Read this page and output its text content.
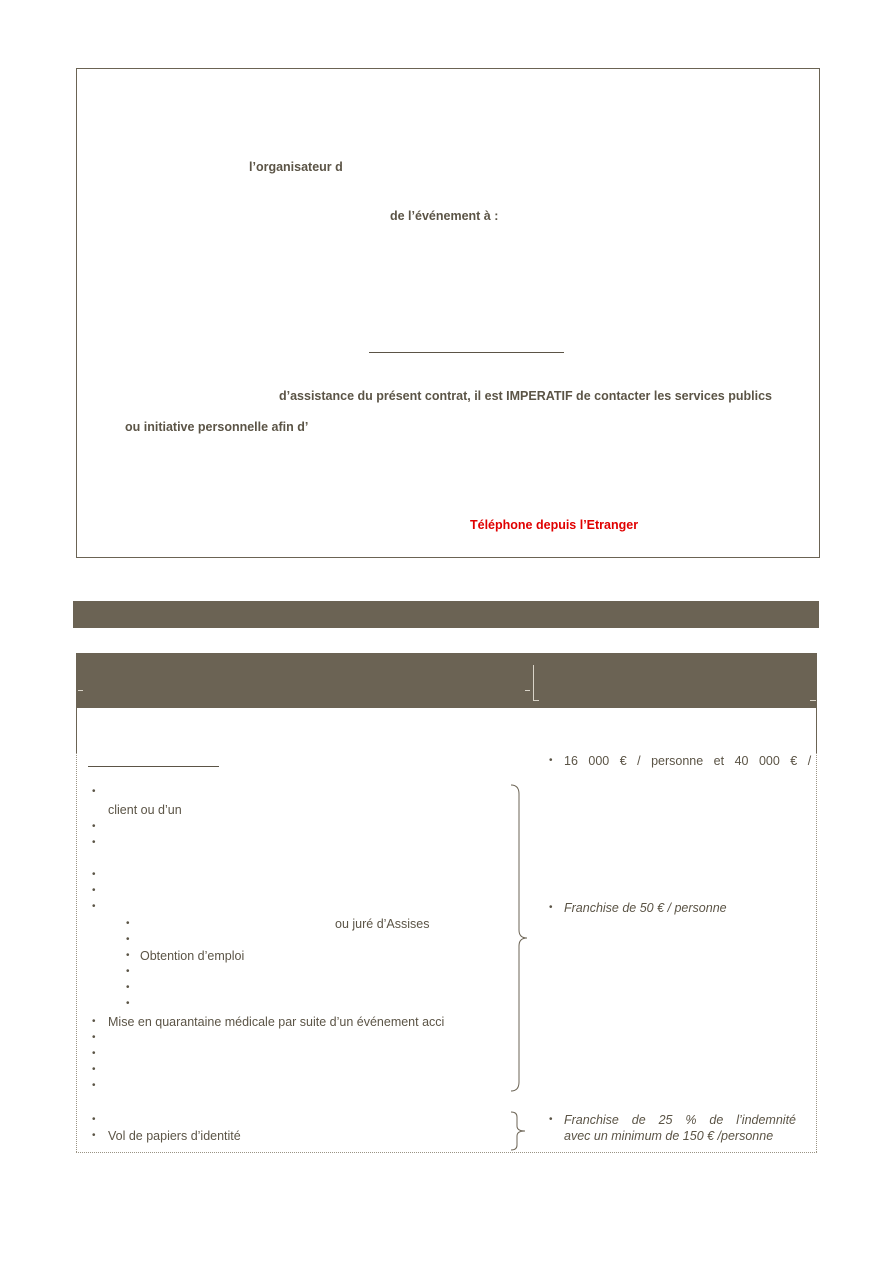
l’organisateur d
de l’événement à :
d’assistance du présent contrat, il est IMPERATIF de contacter les services publics
ou initiative personnelle afin d’
Téléphone depuis l’Etranger
•
client ou d’un
•
•
•
•
•
•	ou juré d’Assises
•
• Obtention d’emploi
•
•
•
• Mise en quarantaine médicale par suite d’un événement acci
•
•
•
•
•
• Vol de papiers d’identité
• 16 000 € / personne et 40 000 € /
• Franchise de 50 € / personne
• Franchise de 25 % de l’indemnité
avec un minimum de 150 € /personne
